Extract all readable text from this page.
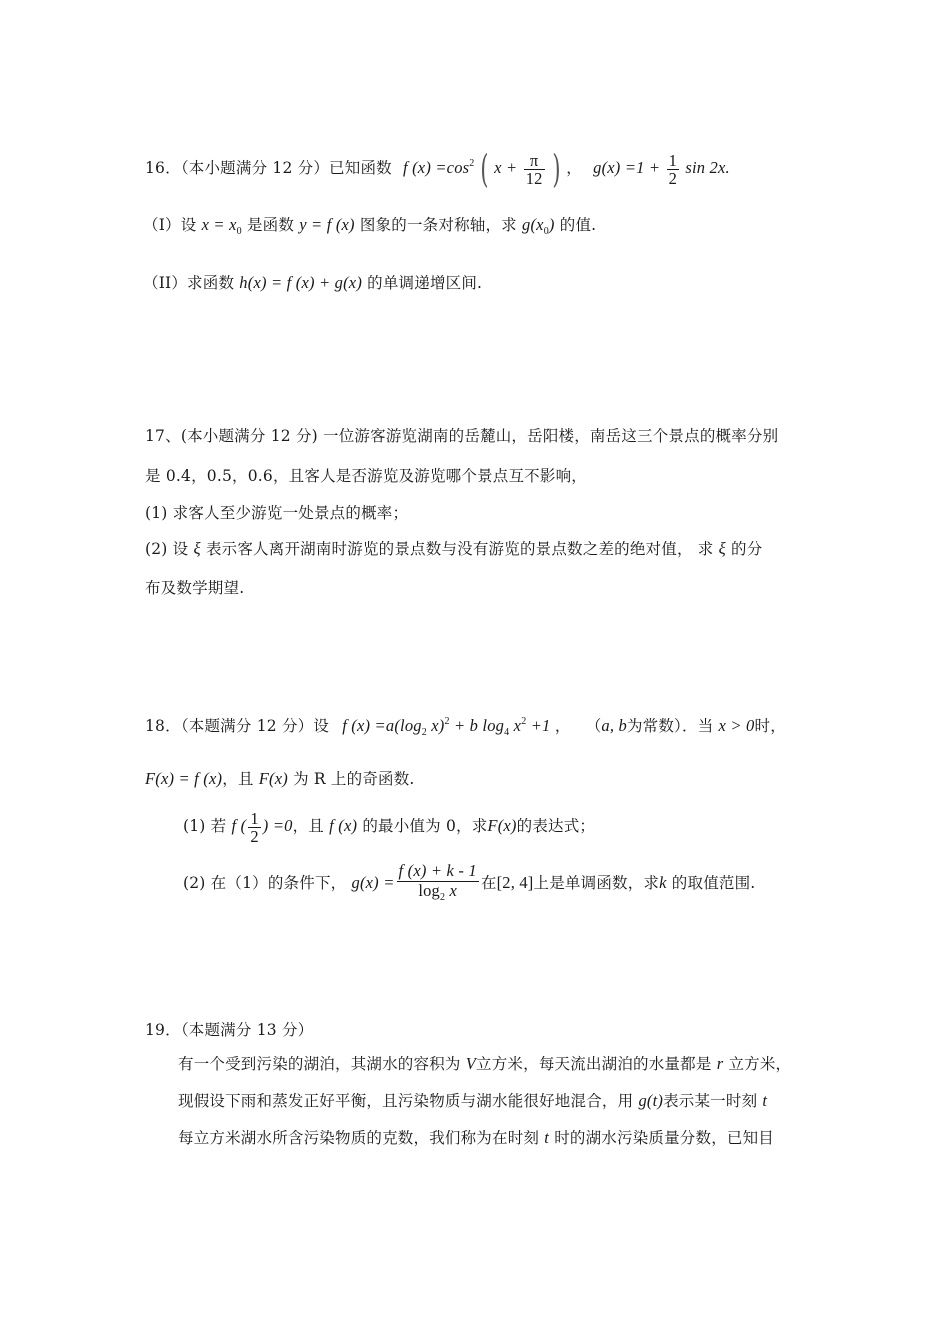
16．（本小题满分 12 分）已知函数 f $(x) =\cos^2$ ( $x + \frac{\pi}{12}$ ) ， $g(x) =1 + \frac{1}{2}$ sin 2x.
（I）设 $x = x_0$ 是函数 y = f (x) 图象的一条对称轴，求 $g(x_0)$ 的值.
（II）求函数 h(x) = f (x) + g(x) 的单调递增区间.
17、(本小题满分 12 分) 一位游客游览湖南的岳麓山，岳阳楼，南岳这三个景点的概率分别
是 0.4，0.5，0.6，且客人是否游览及游览哪个景点互不影响，
(1) 求客人至少游览一处景点的概率；
(2) 设 ξ 表示客人离开湖南时游览的景点数与没有游览的景点数之差的绝对值， 求 ξ 的分
布及数学期望.
18．（本题满分 12 分）设 f $(x) =a(\log_2$ x)$^2$ + b $\log_4 x^2 +1$ ， （a, b为常数）．当 x > 0时，
F(x) = f (x)，且 F(x) 为 R 上的奇函数.
(1) 若 f ( $\frac{1}{2}$ ) =0，且 f (x) 的最小值为 0，求F(x)的表达式；
(2) 在（1）的条件下， $g(x) = \frac{f (x) + k - 1}{\log_2 x}$ 在[2, 4]上是单调函数，求k 的取值范围.
19．（本题满分 13 分）
有一个受到污染的湖泊，其湖水的容积为 V立方米，每天流出湖泊的水量都是 r 立方米，
现假设下雨和蒸发正好平衡，且污染物质与湖水能很好地混合，用 g(t)表示某一时刻 t
每立方米湖水所含污染物质的克数，我们称为在时刻 t 时的湖水污染质量分数，已知目
